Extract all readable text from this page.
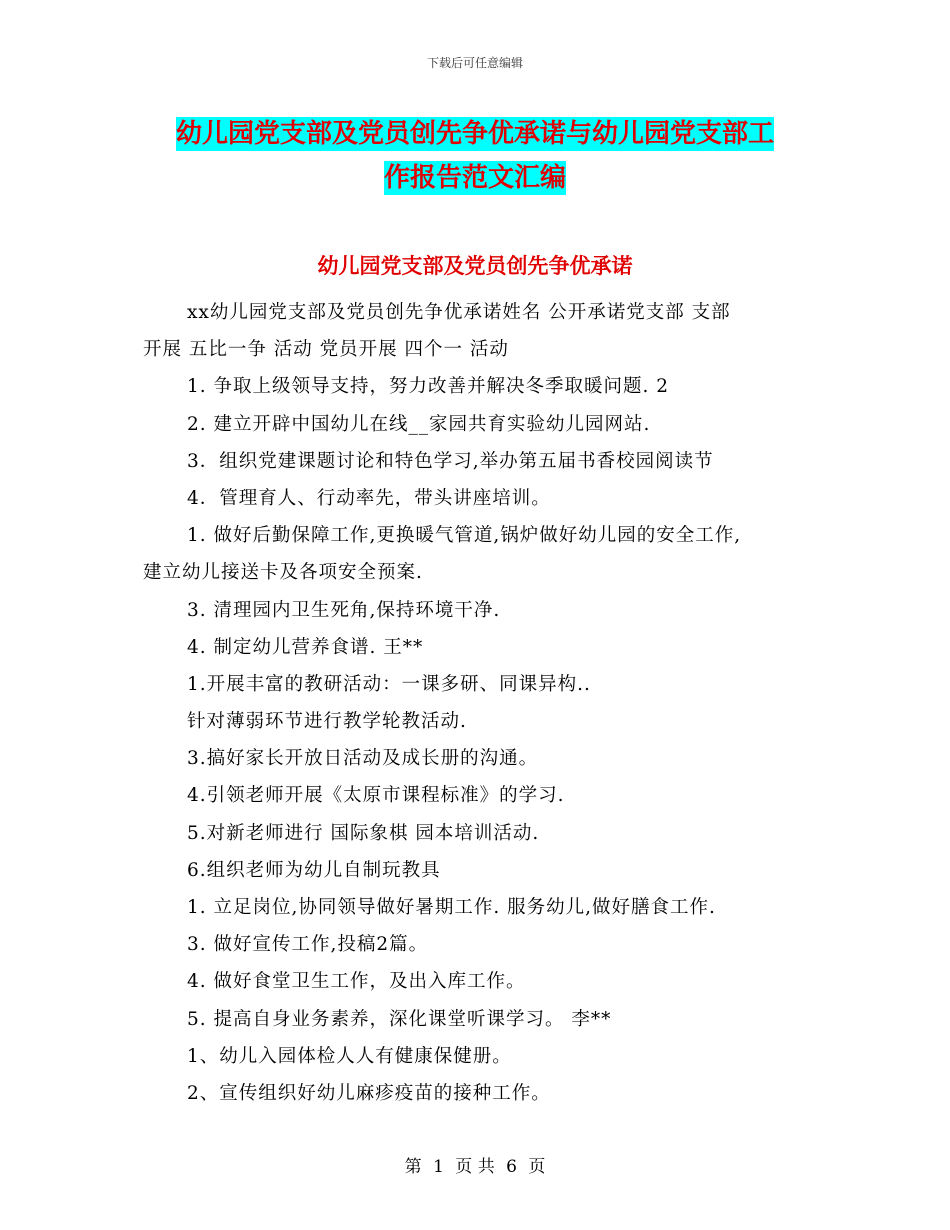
下载后可任意编辑
幼儿园党支部及党员创先争优承诺与幼儿园党支部工
作报告范文汇编
幼儿园党支部及党员创先争优承诺
xx幼儿园党支部及党员创先争优承诺姓名 公开承诺党支部 支部
开展 五比一争 活动 党员开展 四个一 活动
1. 争取上级领导支持，努力改善并解决冬季取暖问题. 2
2. 建立开辟中国幼儿在线__家园共育实验幼儿园网站.
3．组织党建课题讨论和特色学习,举办第五届书香校园阅读节
4．管理育人、行动率先，带头讲座培训。
1. 做好后勤保障工作,更换暖气管道,锅炉做好幼儿园的安全工作,
建立幼儿接送卡及各项安全预案.
3. 清理园内卫生死角,保持环境干净.
4. 制定幼儿营养食谱. 王**
1.开展丰富的教研活动：一课多研、同课异构..
针对薄弱环节进行教学轮教活动.
3.搞好家长开放日活动及成长册的沟通。
4.引领老师开展《太原市课程标准》的学习.
5.对新老师进行 国际象棋 园本培训活动.
6.组织老师为幼儿自制玩教具
1. 立足岗位,协同领导做好暑期工作. 服务幼儿,做好膳食工作.
3. 做好宣传工作,投稿2篇。
4. 做好食堂卫生工作，及出入库工作。
5. 提高自身业务素养，深化课堂听课学习。 李**
1、幼儿入园体检人人有健康保健册。
2、宣传组织好幼儿麻疹疫苗的接种工作。
第 1 页 共 6 页
